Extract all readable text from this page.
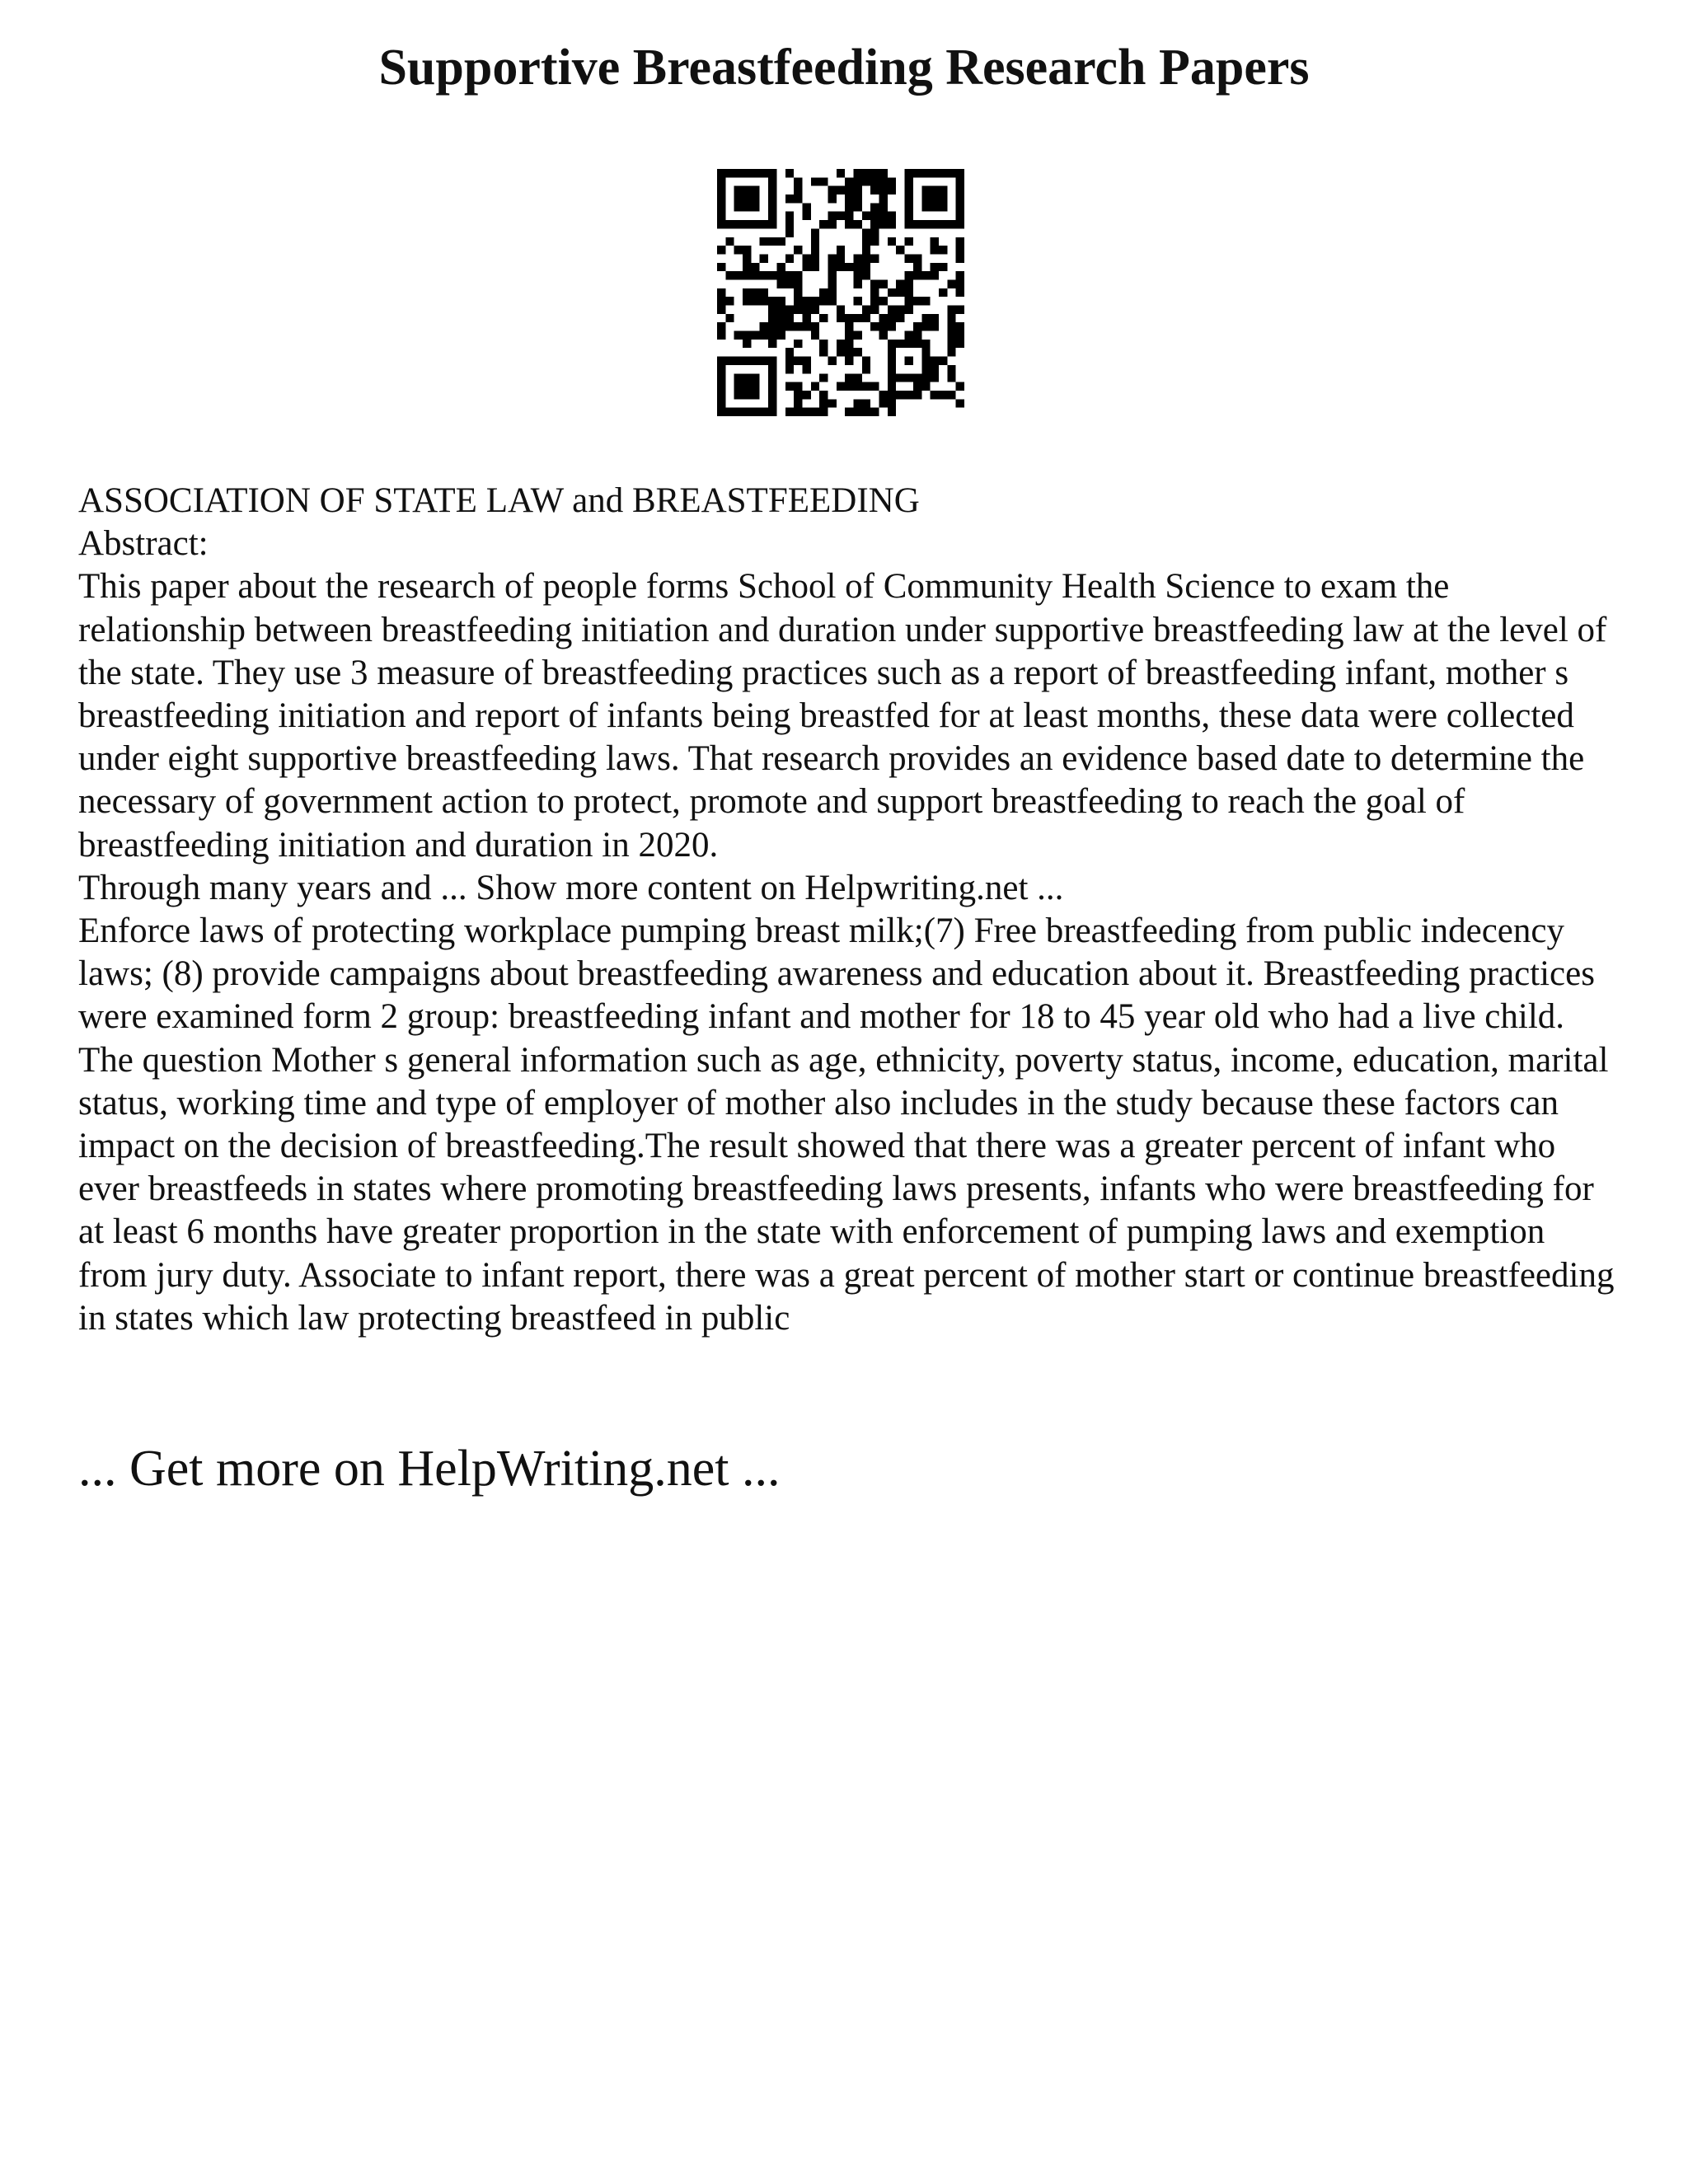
Supportive Breastfeeding Research Papers

ASSOCIATION OF STATE LAW and BREASTFEEDING

Abstract:

This paper about the research of people forms School of Community Health Science to exam the relationship between breastfeeding initiation and duration under supportive breastfeeding law at the level of the state. They use 3 measure of breastfeeding practices such as a report of breastfeeding infant, mother s breastfeeding initiation and report of infants being breastfed for at least months, these data were collected under eight supportive breastfeeding laws. That research provides an evidence based date to determine the necessary of government action to protect, promote and support breastfeeding to reach the goal of breastfeeding initiation and duration in 2020.

Through many years and ... Show more content on Helpwriting.net ...

Enforce laws of protecting workplace pumping breast milk;(7) Free breastfeeding from public indecency laws; (8) provide campaigns about breastfeeding awareness and education about it. Breastfeeding practices were examined form 2 group: breastfeeding infant and mother for 18 to 45 year old who had a live child. The question Mother s general information such as age, ethnicity, poverty status, income, education, marital status, working time and type of employer of mother also includes in the study because these factors can impact on the decision of breastfeeding.The result showed that there was a greater percent of infant who ever breastfeeds in states where promoting breastfeeding laws presents, infants who were breastfeeding for at least 6 months have greater proportion in the state with enforcement of pumping laws and exemption from jury duty. Associate to infant report, there was a great percent of mother start or continue breastfeeding in states which law protecting breastfeed in public

... Get more on HelpWriting.net ...
